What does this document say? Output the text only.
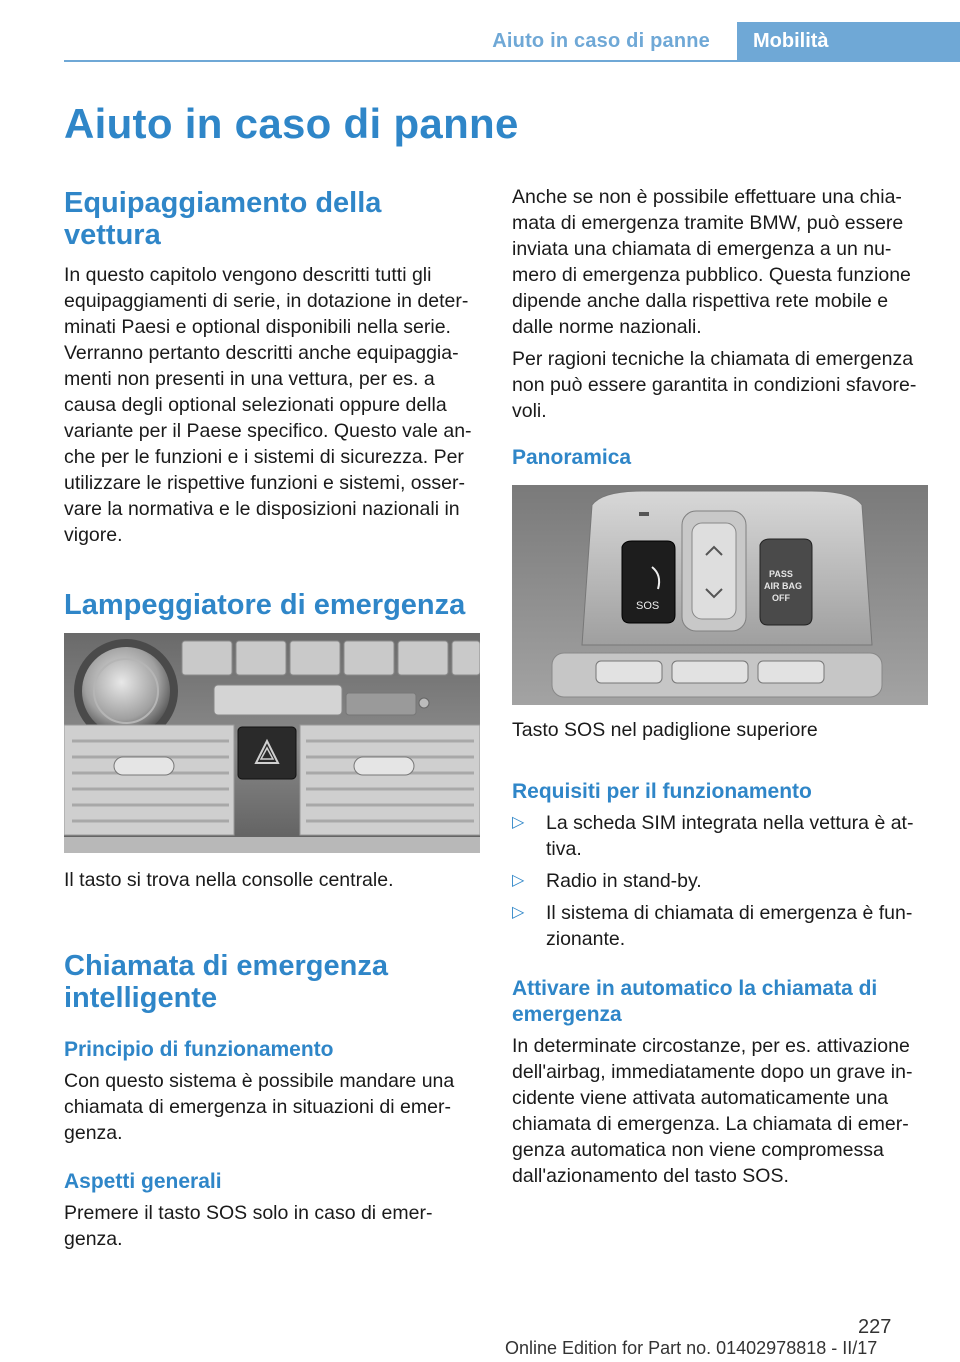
Aiuto in caso di panne	Mobilità
Aiuto in caso di panne
Equipaggiamento della vettura
In questo capitolo vengono descritti tutti gli equipaggiamenti di serie, in dotazione in deter-minati Paesi e optional disponibili nella serie. Verranno pertanto descritti anche equipaggia-menti non presenti in una vettura, per es. a causa degli optional selezionati oppure della variante per il Paese specifico. Questo vale an-che per le funzioni e i sistemi di sicurezza. Per utilizzare le rispettive funzioni e sistemi, osser-vare la normativa e le disposizioni nazionali in vigore.
Lampeggiatore di emergenza
Il tasto si trova nella consolle centrale.
Chiamata di emergenza intelligente
Principio di funzionamento
Con questo sistema è possibile mandare una chiamata di emergenza in situazioni di emer-genza.
Aspetti generali
Premere il tasto SOS solo in caso di emer-genza.
Anche se non è possibile effettuare una chia-mata di emergenza tramite BMW, può essere inviata una chiamata di emergenza a un nu-mero di emergenza pubblico. Questa funzione dipende anche dalla rispettiva rete mobile e dalle norme nazionali.
Per ragioni tecniche la chiamata di emergenza non può essere garantita in condizioni sfavore-voli.
Panoramica
SOS
PASS
AIR BAG
OFF
Tasto SOS nel padiglione superiore
Requisiti per il funzionamento
▷ La scheda SIM integrata nella vettura è at-tiva.
▷ Radio in stand-by.
▷ Il sistema di chiamata di emergenza è fun-zionante.
Attivare in automatico la chiamata di emergenza
In determinate circostanze, per es. attivazione dell'airbag, immediatamente dopo un grave in-cidente viene attivata automaticamente una chiamata di emergenza. La chiamata di emer-genza automatica non viene compromessa dall'azionamento del tasto SOS.
227
Online Edition for Part no. 01402978818 - II/17
